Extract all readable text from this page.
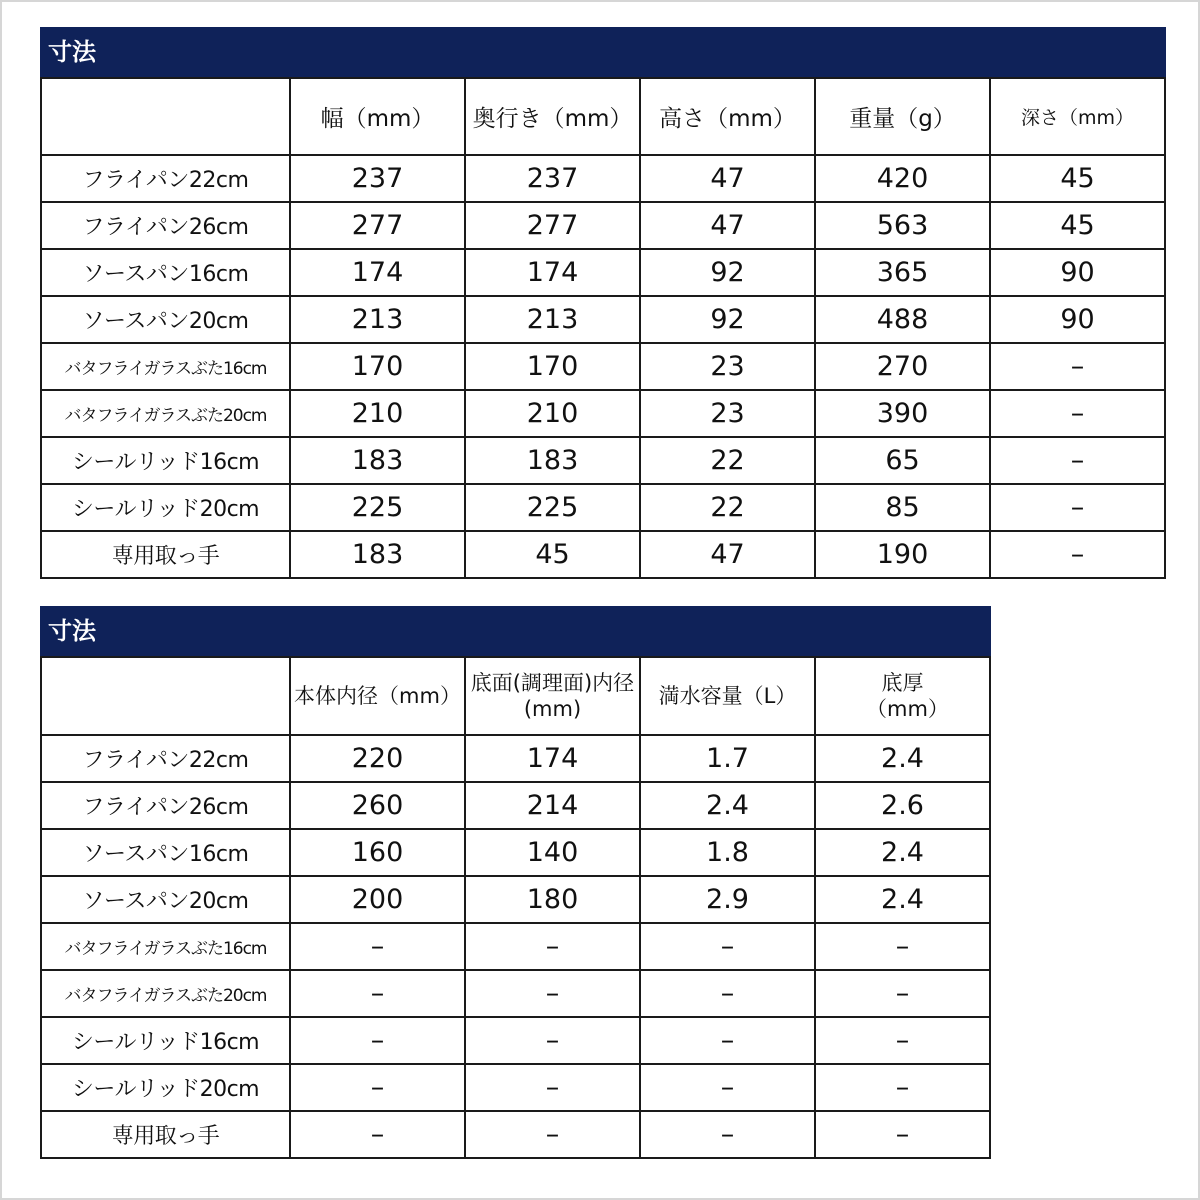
寸法
	幅（mm）	奥行き（mm）	高さ（mm）	重量（g）	深さ（mm）
フライパン22cm	237	237	47	420	45
フライパン26cm	277	277	47	563	45
ソースパン16cm	174	174	92	365	90
ソースパン20cm	213	213	92	488	90
バタフライガラスぶた16cm	170	170	23	270	–
バタフライガラスぶた20cm	210	210	23	390	–
シールリッド16cm	183	183	22	65	–
シールリッド20cm	225	225	22	85	–
専用取っ手	183	45	47	190	–
寸法
	本体内径（mm）	底面(調理面)内径(mm)	満水容量（L）	底厚（mm）
フライパン22cm	220	174	1.7	2.4
フライパン26cm	260	214	2.4	2.6
ソースパン16cm	160	140	1.8	2.4
ソースパン20cm	200	180	2.9	2.4
バタフライガラスぶた16cm	–	–	–	–
バタフライガラスぶた20cm	–	–	–	–
シールリッド16cm	–	–	–	–
シールリッド20cm	–	–	–	–
専用取っ手	–	–	–	–
